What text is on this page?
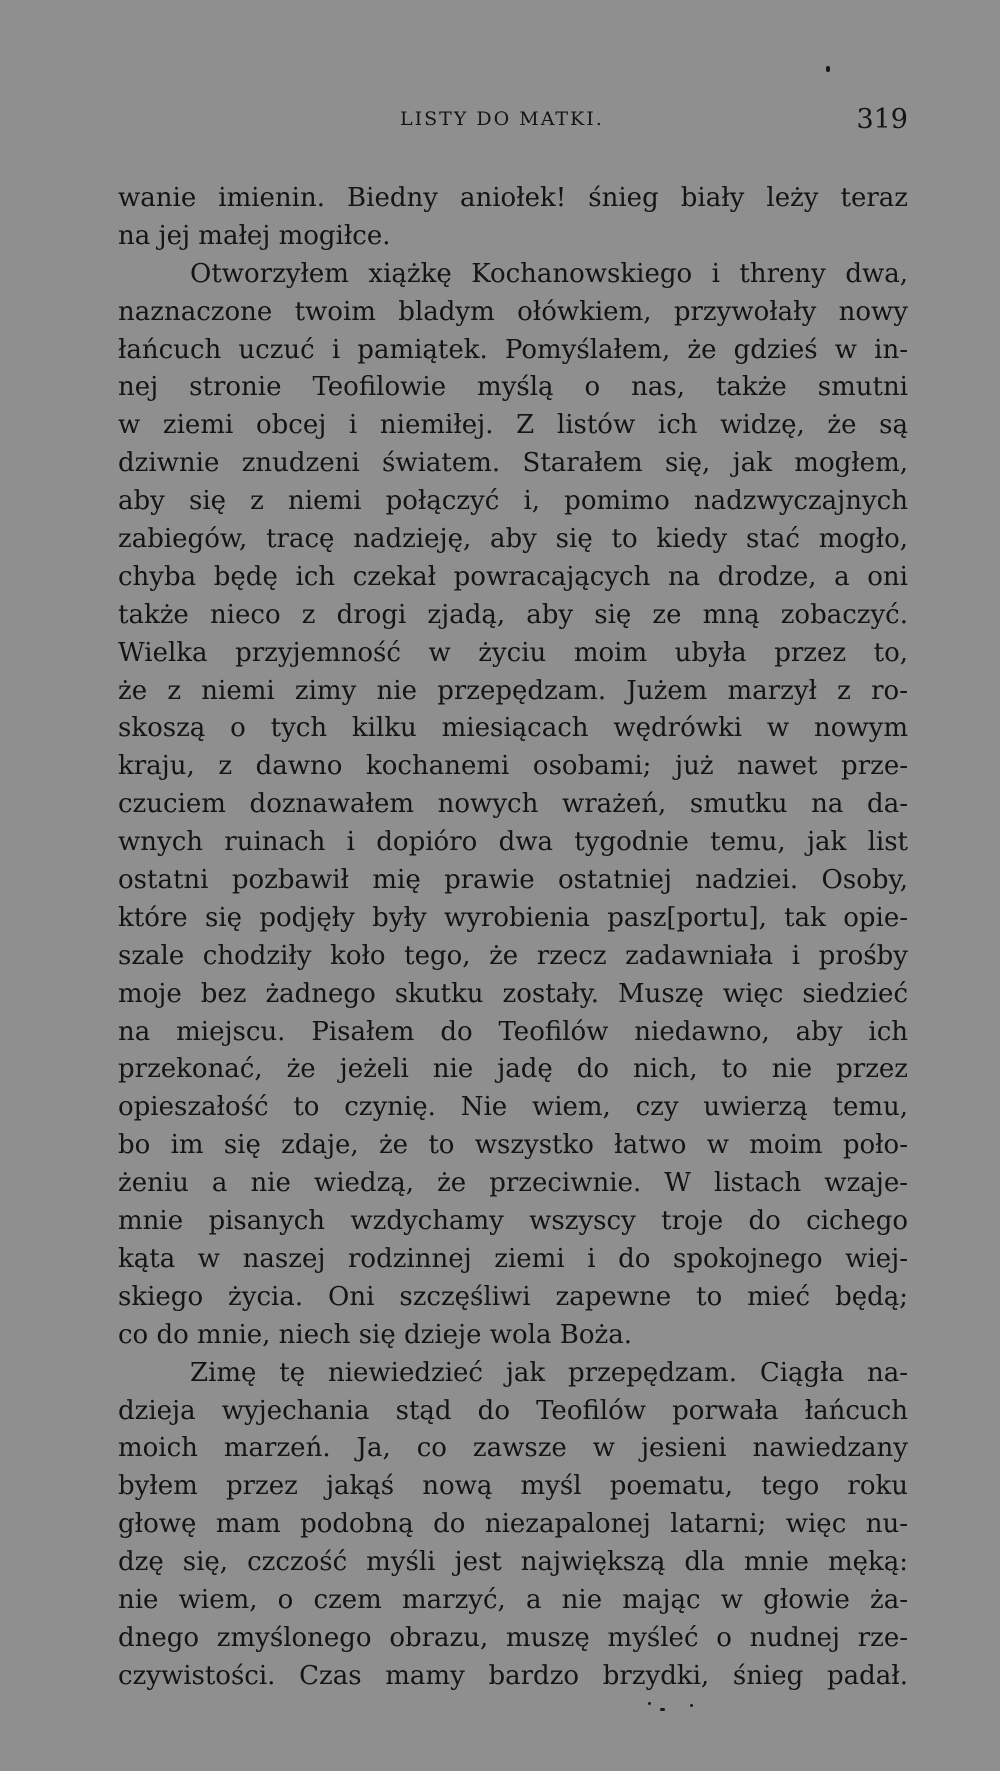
LISTY DO MATKI.	319
wanie imienin. Biedny aniołek! śnieg biały leży teraz
na jej małej mogiłce.
Otworzyłem xiążkę Kochanowskiego i threny dwa,
naznaczone twoim bladym ołówkiem, przywołały nowy
łańcuch uczuć i pamiątek. Pomyślałem, że gdzieś w in-
nej stronie Teofilowie myślą o nas, także smutni
w ziemi obcej i niemiłej. Z listów ich widzę, że są
dziwnie znudzeni światem. Starałem się, jak mogłem,
aby się z niemi połączyć i, pomimo nadzwyczajnych
zabiegów, tracę nadzieję, aby się to kiedy stać mogło,
chyba będę ich czekał powracających na drodze, a oni
także nieco z drogi zjadą, aby się ze mną zobaczyć.
Wielka przyjemność w życiu moim ubyła przez to,
że z niemi zimy nie przepędzam. Jużem marzył z ro-
skoszą o tych kilku miesiącach wędrówki w nowym
kraju, z dawno kochanemi osobami; już nawet prze-
czuciem doznawałem nowych wrażeń, smutku na da-
wnych ruinach i dopióro dwa tygodnie temu, jak list
ostatni pozbawił mię prawie ostatniej nadziei. Osoby,
które się podjęły były wyrobienia pasz[portu], tak opie-
szale chodziły koło tego, że rzecz zadawniała i prośby
moje bez żadnego skutku zostały. Muszę więc siedzieć
na miejscu. Pisałem do Teofilów niedawno, aby ich
przekonać, że jeżeli nie jadę do nich, to nie przez
opieszałość to czynię. Nie wiem, czy uwierzą temu,
bo im się zdaje, że to wszystko łatwo w moim poło-
żeniu a nie wiedzą, że przeciwnie. W listach wzaje-
mnie pisanych wzdychamy wszyscy troje do cichego
kąta w naszej rodzinnej ziemi i do spokojnego wiej-
skiego życia. Oni szczęśliwi zapewne to mieć będą;
co do mnie, niech się dzieje wola Boża.
Zimę tę niewiedzieć jak przepędzam. Ciągła na-
dzieja wyjechania stąd do Teofilów porwała łańcuch
moich marzeń. Ja, co zawsze w jesieni nawiedzany
byłem przez jakąś nową myśl poematu, tego roku
głowę mam podobną do niezapalonej latarni; więc nu-
dzę się, czczość myśli jest największą dla mnie męką:
nie wiem, o czem marzyć, a nie mając w głowie ża-
dnego zmyślonego obrazu, muszę myśleć o nudnej rze-
czywistości. Czas mamy bardzo brzydki, śnieg padał.
